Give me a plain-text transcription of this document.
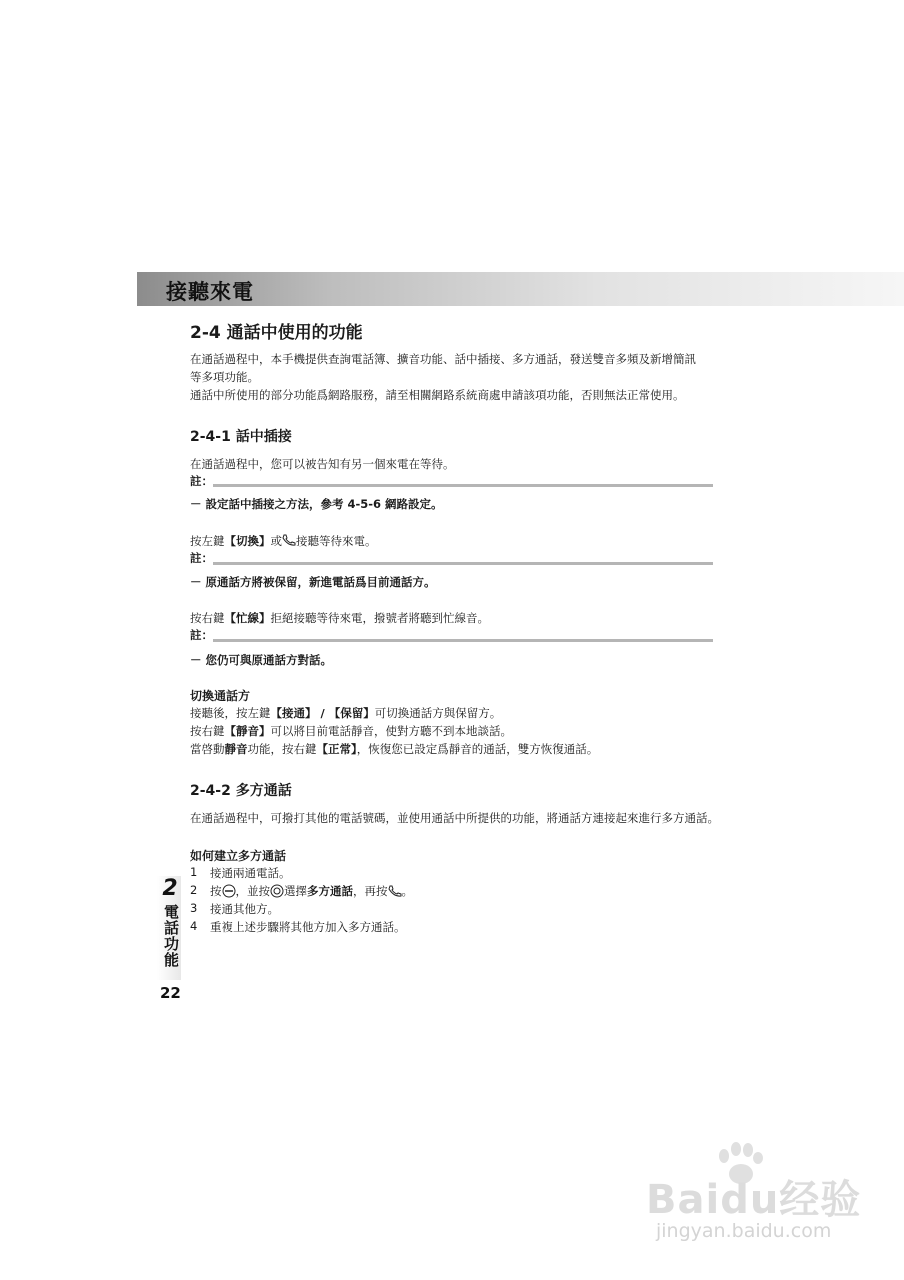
接聽來電
2-4 通話中使用的功能
在通話過程中，本手機提供查詢電話簿、擴音功能、話中插接、多方通話，發送雙音多頻及新增簡訊
等多項功能。
通話中所使用的部分功能爲網路服務，請至相關網路系統商處申請該項功能，否則無法正常使用。
2-4-1 話中插接
在通話過程中，您可以被告知有另一個來電在等待。
註：
－ 設定話中插接之方法，參考 4-5-6 網路設定。
按左鍵【切換】或 接聽等待來電。
註：
－ 原通話方將被保留，新進電話爲目前通話方。
按右鍵【忙線】拒絕接聽等待來電，撥號者將聽到忙線音。
註：
－ 您仍可與原通話方對話。
切換通話方
接聽後，按左鍵【接通】 / 【保留】可切換通話方與保留方。
按右鍵【靜音】可以將目前電話靜音，使對方聽不到本地談話。
當啓動靜音功能，按右鍵【正常】，恢復您已設定爲靜音的通話，雙方恢復通話。
2-4-2 多方通話
在通話過程中，可撥打其他的電話號碼，並使用通話中所提供的功能，將通話方連接起來進行多方通話。
如何建立多方通話
1 接通兩通電話。
2 按 ，並按 選擇多方通話，再按 。
3 接通其他方。
4 重複上述步驟將其他方加入多方通話。
2
電話功能
22
Baidu经验
jingyan.baidu.com
